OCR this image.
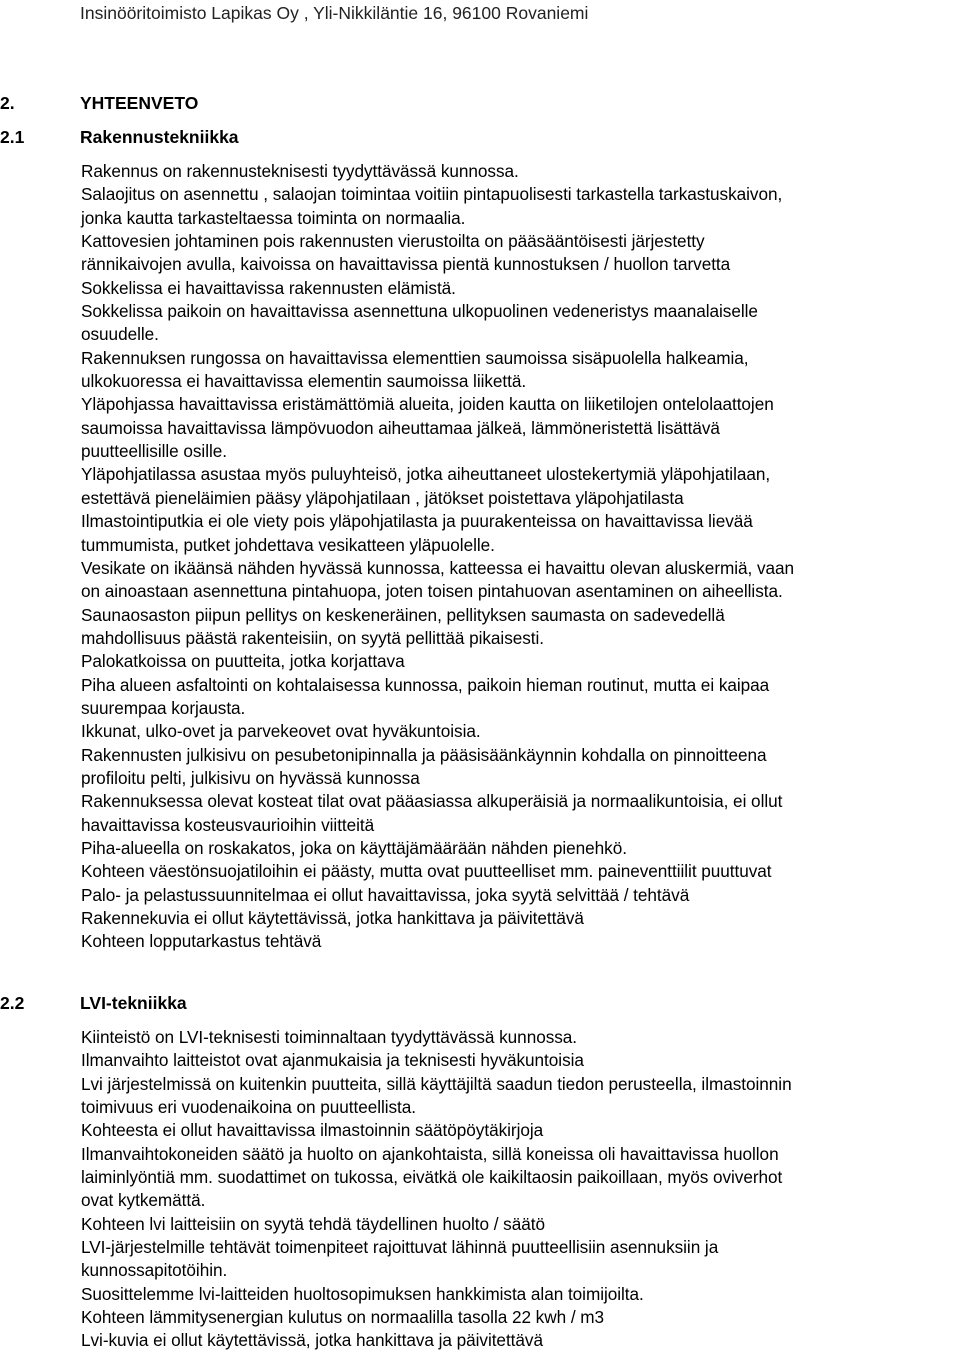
Insinööritoimisto Lapikas Oy , Yli-Nikkiläntie 16, 96100 Rovaniemi
2.	YHTEENVETO
2.1	Rakennustekniikka

Rakennus on rakennusteknisesti tyydyttävässä kunnossa.

Salaojitus on asennettu , salaojan toimintaa voitiin pintapuolisesti tarkastella tarkastuskaivon,
jonka kautta tarkasteltaessa toiminta on normaalia.

Kattovesien johtaminen pois rakennusten vierustoilta on pääsääntöisesti järjestetty
rännikaivojen avulla, kaivoissa on havaittavissa pientä kunnostuksen / huollon tarvetta

Sokkelissa ei havaittavissa rakennusten elämistä.

Sokkelissa paikoin on havaittavissa asennettuna ulkopuolinen vedeneristys maanalaiselle
osuudelle.

Rakennuksen rungossa on havaittavissa elementtien saumoissa sisäpuolella halkeamia,
ulkokuoressa ei havaittavissa elementin saumoissa liikettä.

Yläpohjassa havaittavissa eristämättömiä alueita, joiden kautta on liiketilojen ontelolaattojen
saumoissa havaittavissa lämpövuodon aiheuttamaa jälkeä, lämmöneristettä lisättävä
puutteellisille osille.

Yläpohjatilassa asustaa myös puluyhteisö, jotka aiheuttaneet ulostekertymiä yläpohjatilaan,
estettävä pieneläimien pääsy yläpohjatilaan , jätökset poistettava yläpohjatilasta

Ilmastointiputkia ei ole viety pois yläpohjatilasta ja puurakenteissa on havaittavissa lievää
tummumista, putket johdettava vesikatteen yläpuolelle.

Vesikate on ikäänsä nähden hyvässä kunnossa, katteessa ei havaittu olevan aluskermiä, vaan
on ainoastaan asennettuna pintahuopa, joten toisen pintahuovan asentaminen on aiheellista.

Saunaosaston piipun pellitys on keskeneräinen, pellityksen saumasta on sadevedellä
mahdollisuus päästä rakenteisiin, on syytä pellittää pikaisesti.

Palokatkoissa on puutteita, jotka korjattava

Piha alueen asfaltointi on kohtalaisessa kunnossa, paikoin hieman routinut, mutta ei kaipaa
suurempaa korjausta.

Ikkunat, ulko-ovet ja parvekeovet ovat hyväkuntoisia.

Rakennusten julkisivu on pesubetonipinnalla ja pääsisäänkäynnin kohdalla on pinnoitteena
profiloitu pelti, julkisivu on hyvässä kunnossa

Rakennuksessa olevat kosteat tilat ovat pääasiassa alkuperäisiä ja normaalikuntoisia, ei ollut
havaittavissa kosteusvaurioihin viitteitä

Piha-alueella on roskakatos, joka on käyttäjämäärään nähden pienehkö.

Kohteen väestönsuojatiloihin ei päästy, mutta ovat puutteelliset mm. paineventtiilit puuttuvat

Palo- ja pelastussuunnitelmaa ei ollut havaittavissa, joka syytä selvittää / tehtävä

Rakennekuvia ei ollut käytettävissä, jotka hankittava ja päivitettävä

Kohteen lopputarkastus tehtävä

2.2	LVI-tekniikka

Kiinteistö on LVI-teknisesti toiminnaltaan tyydyttävässä kunnossa.

Ilmanvaihto laitteistot ovat ajanmukaisia ja teknisesti hyväkuntoisia

Lvi järjestelmissä on kuitenkin puutteita, sillä käyttäjiltä saadun tiedon perusteella, ilmastoinnin
toimivuus eri vuodenaikoina on puutteellista.

Kohteesta ei ollut havaittavissa ilmastoinnin säätöpöytäkirjoja

Ilmanvaihtokoneiden säätö ja huolto on ajankohtaista, sillä koneissa oli havaittavissa huollon
laiminlyöntiä mm. suodattimet on tukossa, eivätkä ole kaikiltaosin paikoillaan, myös oviverhot
ovat kytkemättä.

Kohteen lvi laitteisiin on syytä tehdä täydellinen huolto / säätö

LVI-järjestelmille tehtävät toimenpiteet rajoittuvat lähinnä puutteellisiin asennuksiin ja
kunnossapitotöihin.

Suosittelemme lvi-laitteiden huoltosopimuksen hankkimista alan toimijoilta.

Kohteen lämmitysenergian kulutus on normaalilla tasolla 22 kwh / m3

Lvi-kuvia ei ollut käytettävissä, jotka hankittava ja päivitettävä
